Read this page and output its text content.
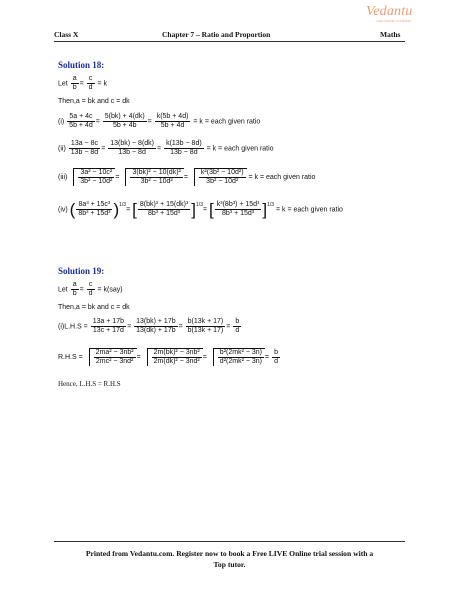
Vedantu
LIVE ONLINE TUTORING
Class X	Chapter 7 – Ratio and Proportion	Maths
Solution 18:
Let $\frac{a}{b} = \frac{c}{d} = k$
Then,a = bk and c = dk
$(i) \frac{5a + 4c}{5b + 4d} = \frac{5(bk) + 4(dk)}{5b + 4b} = \frac{k(5b + 4d)}{5b + 4d} = k$ = each given ratio
$(ii) \frac{13a - 8c}{13b - 8d} = \frac{13(bk) - 8(dk)}{13b - 8d} = \frac{k(13b - 8d)}{13b - 8d} = k$ = each given ratio
$(iii) \frac{\text{3a² − 10c²}}{\text{3b² − 10d²}} = \frac{\text{3(bk)² − 10(dk)²}}{\text{3b² − 10d²}} = \frac{\text{k²(3b² − 10d²)}}{\text{3b² − 10d²}} = k$ = each given ratio
(iv) ( $\frac{\text{8a³ + 15c³}}{\text{8b³ + 15d³}} )^{1/3}=$ [ $\frac{\text{8(bk)³ + 15(dk)³}}{\text{8b³ + 15d³}} ]^{1/3}=$ [ $\frac{\text{k³(8b³) + 15d³}}{\text{8b³ + 15d³}} ]^{1/3} = k$ = each given ratio
Solution 19:
Let $\frac{a}{b} = \frac{c}{d} = k(say)$
Then,a = bk and c = dk
$(i)L.H.S = \frac{13a + 17b}{13c + 17d} = \frac{13(bk) + 17b}{13(dk) + 17b} = \frac{b(13k + 17)}{b(13k + 17)} = \frac{b}{d}$
$R.H.S = \frac{\text{2ma² − 3nb²}}{\text{2mc² − 3nd²}} = \frac{\text{2m(bk)² − 3nb²}}{\text{2m(dk)² − 3nd²}} = \frac{\text{b²(2mk² − 3n)}}{\text{d²(2mk² − 3n)}} = \frac{b}{d}$
Hence, L.H.S = R.H.S
Printed from Vedantu.com. Register now to book a Free LIVE Online trial session with a
Top tutor.
